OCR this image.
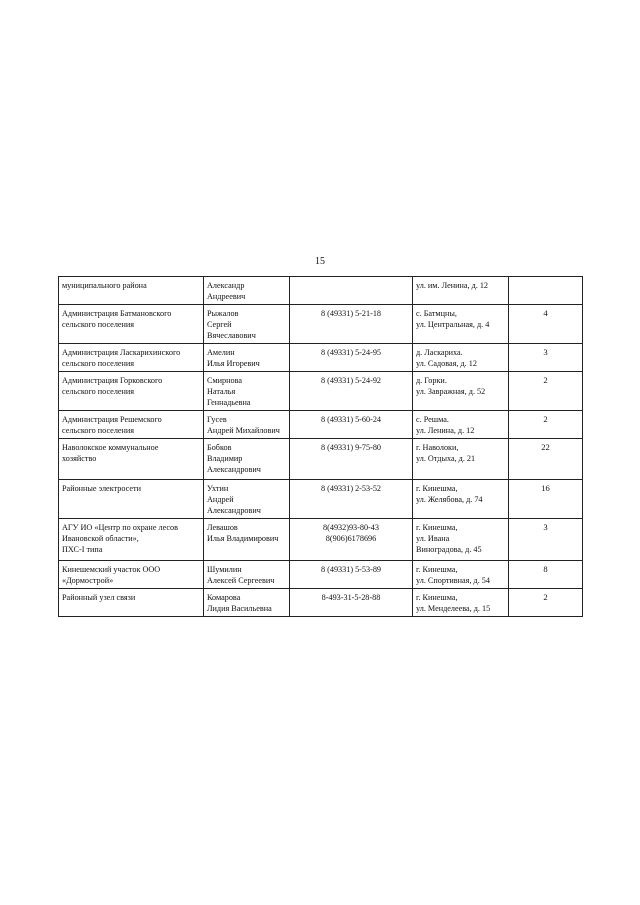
15
муниципального района	Александр
Андреевич		ул. им. Ленина, д. 12	

Администрация Батмановского
сельского поселения	Рыжалов
Сергей
Вячеславович	8 (49331) 5-21-18	с. Батмцны,
ул. Центральная, д. 4	4

Администрация Ласкарихинского
сельского поселения	Амелин
Илья Игоревич	8 (49331) 5-24-95	д. Ласкариха.
ул. Садовая, д. 12	3

Администрация Горковского
сельского поселения	Смирнова
Наталья
Геннадьевна	8 (49331) 5-24-92	д. Горки.
ул. Завражная, д. 52	2

Администрация Решемского
сельского поселения	Гусев
Андрей Михайлович	8 (49331) 5-60-24	с. Решма.
ул. Ленина, д. 12	2

Наволокское коммунальное
хозяйство	Бобков
Владимир
Александрович	8 (49331) 9-75-80	г. Наволоки,
ул. Отдыха, д. 21	22

Районные электросети	Ухтин
Андрей
Александрович	8 (49331) 2-53-52	г. Кинешма,
ул. Желябова, д. 74	16

АГУ ИО «Центр по охране лесов
Ивановской области»,
ПХС-I типа	Левашов
Илья Владимирович	8(4932)93-80-43
8(906)6178696	г. Кинешма,
ул. Ивана
Виноградова, д. 45	3

Кинешемский участок ООО
«Дормострой»	Шумилин
Алексей Сергеевич	8 (49331) 5-53-89	г. Кинешма,
ул. Спортивная, д. 54	8

Районный узел связи	Комарова
Лидия Васильевна	8-493-31-5-28-88	г. Кинешма,
ул. Менделеева, д. 15	2
